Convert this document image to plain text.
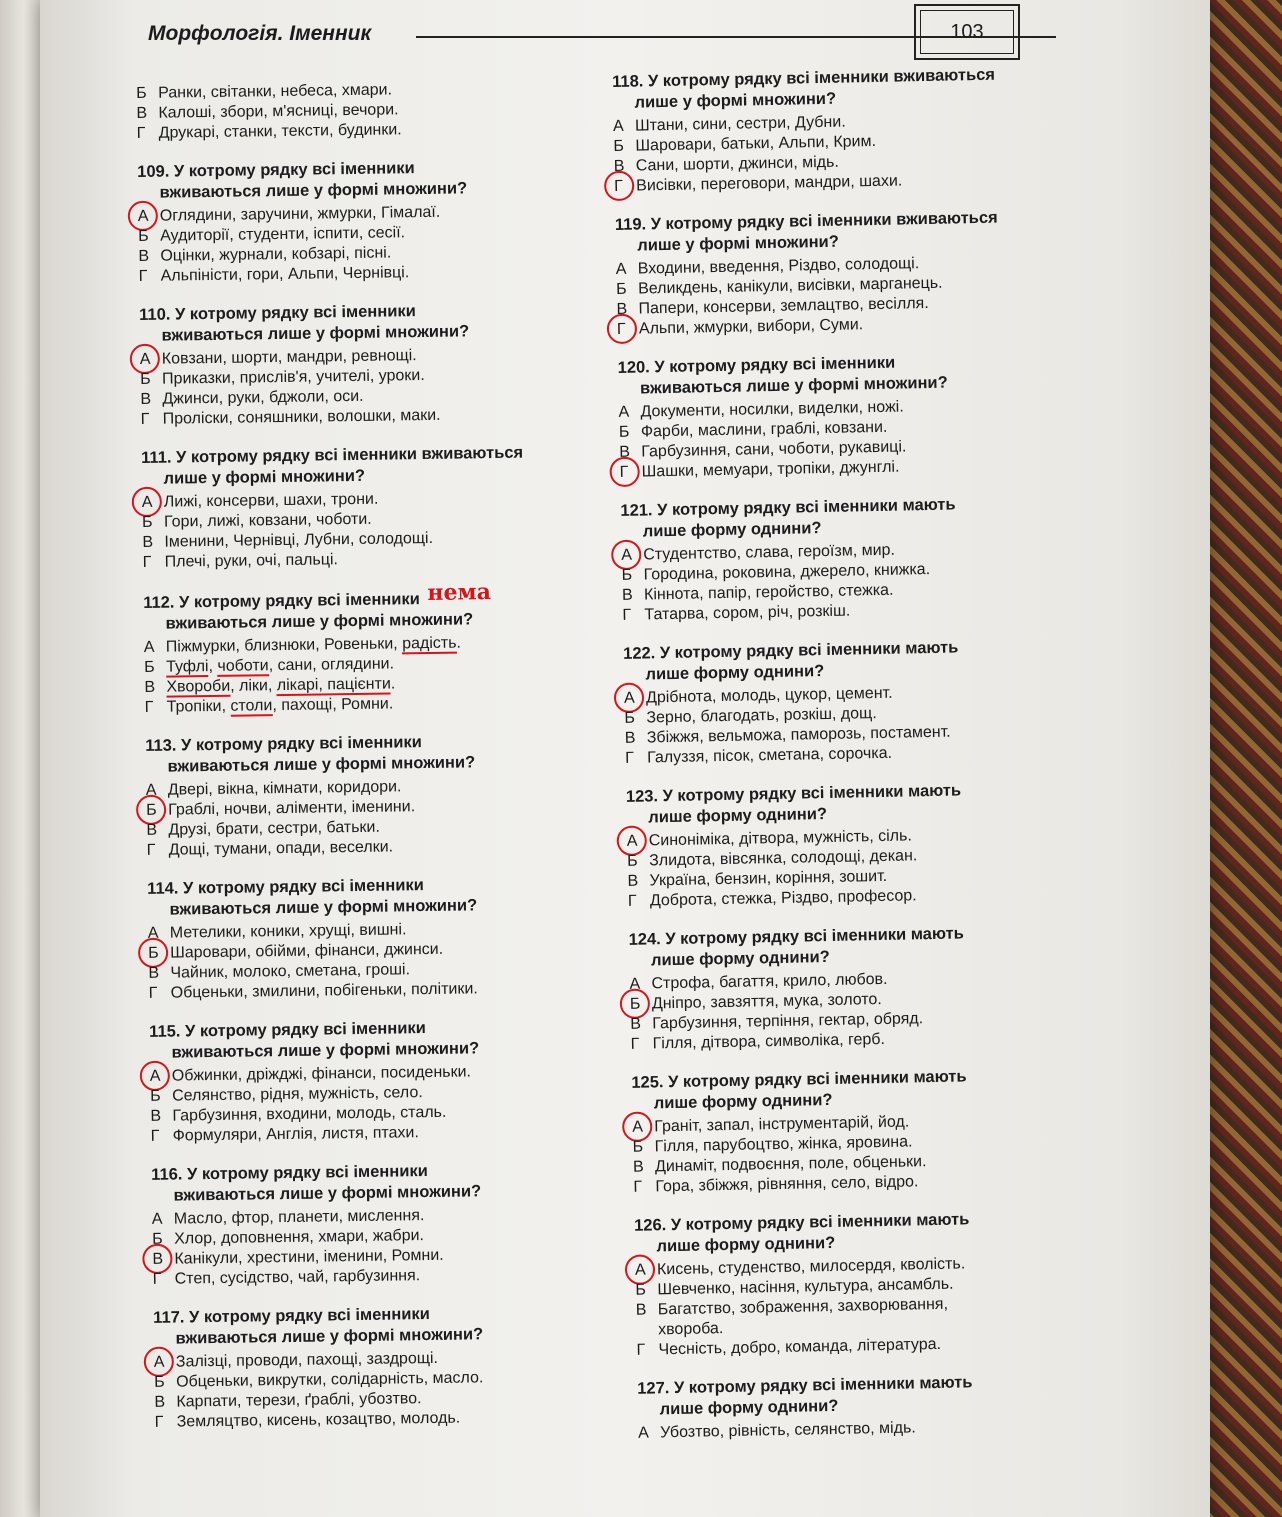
Морфологія. Іменник	103
Б Ранки, світанки, небеса, хмари.
В Калоші, збори, м'ясниці, вечори.
Г Друкарі, станки, тексти, будинки.
109. У котрому рядку всі іменники
вживаються лише у формі множини?
А Оглядини, заручини, жмурки, Гімалаї.
Б Аудиторії, студенти, іспити, сесії.
В Оцінки, журнали, кобзарі, пісні.
Г Альпіністи, гори, Альпи, Чернівці.
110. У котрому рядку всі іменники
вживаються лише у формі множини?
А Ковзани, шорти, мандри, ревнощі.
Б Приказки, прислів'я, учителі, уроки.
В Джинси, руки, бджоли, оси.
Г Проліски, соняшники, волошки, маки.
111. У котрому рядку всі іменники вживаються
лише у формі множини?
А Лижі, консерви, шахи, трони.
Б Гори, лижі, ковзани, чоботи.
В Іменини, Чернівці, Лубни, солодощі.
Г Плечі, руки, очі, пальці.
112. У котрому рядку всі іменники нема
вживаються лише у формі множини?
А Піжмурки, близнюки, Ровеньки, радість.
Б Туфлі, чоботи, сани, оглядини.
В Хвороби, ліки, лікарі, пацієнти.
Г Тропіки, столи, пахощі, Ромни.
113. У котрому рядку всі іменники
вживаються лише у формі множини?
А Двері, вікна, кімнати, коридори.
Б Граблі, ночви, аліменти, іменини.
В Друзі, брати, сестри, батьки.
Г Дощі, тумани, опади, веселки.
114. У котрому рядку всі іменники
вживаються лише у формі множини?
А Метелики, коники, хрущі, вишні.
Б Шаровари, обійми, фінанси, джинси.
В Чайник, молоко, сметана, гроші.
Г Обценьки, змилини, побігеньки, політики.
115. У котрому рядку всі іменники
вживаються лише у формі множини?
А Обжинки, дріжджі, фінанси, посиденьки.
Б Селянство, рідня, мужність, село.
В Гарбузиння, входини, молодь, сталь.
Г Формуляри, Англія, листя, птахи.
116. У котрому рядку всі іменники
вживаються лише у формі множини?
А Масло, фтор, планети, мислення.
Б Хлор, доповнення, хмари, жабри.
В Канікули, хрестини, іменини, Ромни.
Г Степ, сусідство, чай, гарбузиння.
117. У котрому рядку всі іменники
вживаються лише у формі множини?
А Залізці, проводи, пахощі, заздрощі.
Б Обценьки, викрутки, солідарність, масло.
В Карпати, терези, ґраблі, убозтво.
Г Земляцтво, кисень, козацтво, молодь.
118. У котрому рядку всі іменники вживаються
лише у формі множини?
А Штани, сини, сестри, Дубни.
Б Шаровари, батьки, Альпи, Крим.
В Сани, шорти, джинси, мідь.
Г Висівки, переговори, мандри, шахи.
119. У котрому рядку всі іменники вживаються
лише у формі множини?
А Входини, введення, Різдво, солодощі.
Б Великдень, канікули, висівки, марганець.
В Папери, консерви, землацтво, весілля.
Г Альпи, жмурки, вибори, Суми.
120. У котрому рядку всі іменники
вживаються лише у формі множини?
А Документи, носилки, виделки, ножі.
Б Фарби, маслини, граблі, ковзани.
В Гарбузиння, сани, чоботи, рукавиці.
Г Шашки, мемуари, тропіки, джунглі.
121. У котрому рядку всі іменники мають
лише форму однини?
А Студентство, слава, героїзм, мир.
Б Городина, роковина, джерело, книжка.
В Кіннота, папір, геройство, стежка.
Г Татарва, сором, річ, розкіш.
122. У котрому рядку всі іменники мають
лише форму однини?
А Дрібнота, молодь, цукор, цемент.
Б Зерно, благодать, розкіш, дощ.
В Збіжжя, вельможа, паморозь, постамент.
Г Галуззя, пісок, сметана, сорочка.
123. У котрому рядку всі іменники мають
лише форму однини?
А Синоніміка, дітвора, мужність, сіль.
Б Злидота, вівсянка, солодощі, декан.
В Україна, бензин, коріння, зошит.
Г Доброта, стежка, Різдво, професор.
124. У котрому рядку всі іменники мають
лише форму однини?
А Строфа, багаття, крило, любов.
Б Дніпро, завзяття, мука, золото.
В Гарбузиння, терпіння, гектар, обряд.
Г Гілля, дітвора, символіка, герб.
125. У котрому рядку всі іменники мають
лише форму однини?
А Граніт, запал, інструментарій, йод.
Б Гілля, парубоцтво, жінка, яровина.
В Динаміт, подвоєння, поле, обценьки.
Г Гора, збіжжя, рівняння, село, відро.
126. У котрому рядку всі іменники мають
лише форму однини?
А Кисень, студенство, милосердя, кволість.
Б Шевченко, насіння, культура, ансамбль.
В Багатство, зображення, захворювання,
хвороба.
Г Чесність, добро, команда, література.
127. У котрому рядку всі іменники мають
лише форму однини?
А Убозтво, рівність, селянство, мідь.
